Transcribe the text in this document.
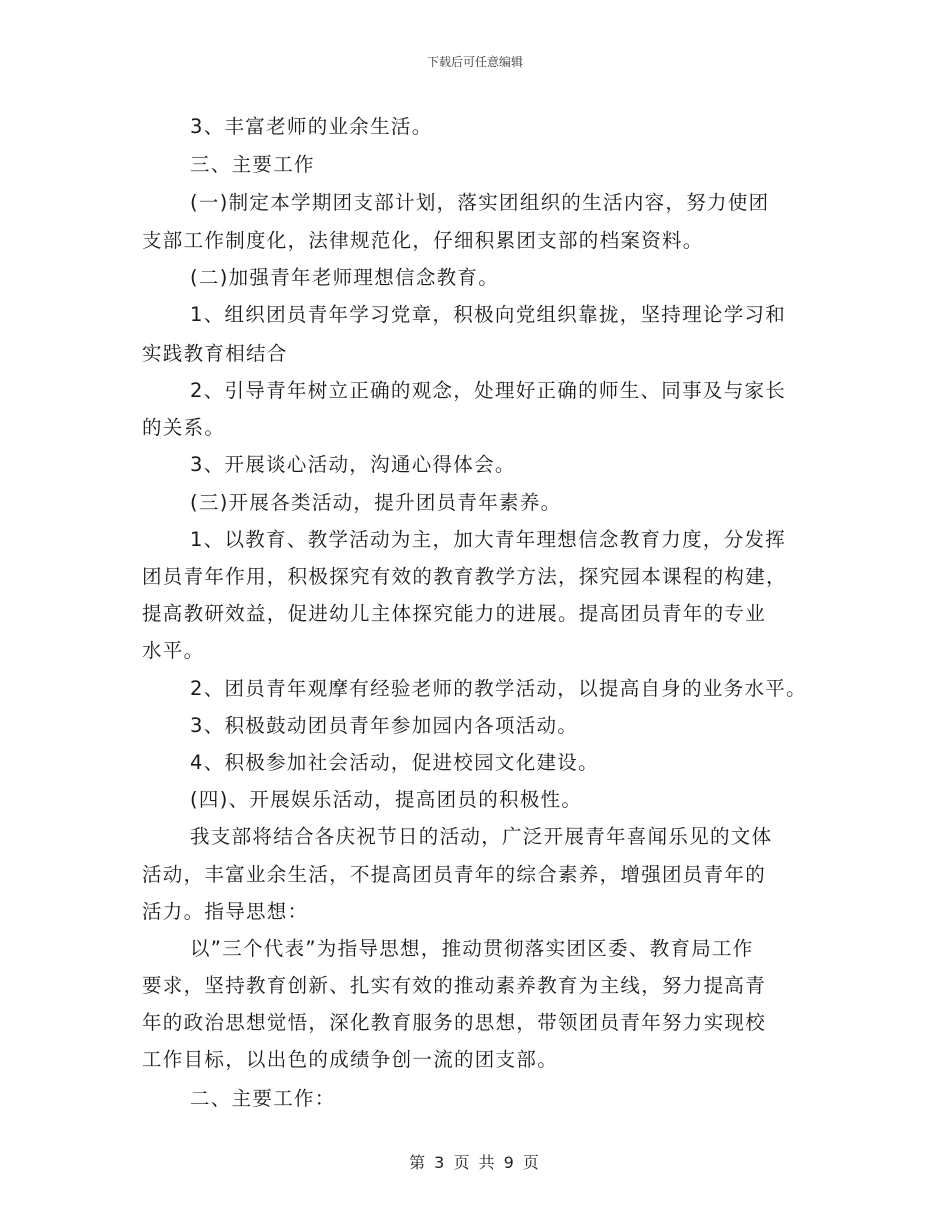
下载后可任意编辑
3、丰富老师的业余生活。
三、主要工作
(一)制定本学期团支部计划，落实团组织的生活内容，努力使团
支部工作制度化，法律规范化，仔细积累团支部的档案资料。
(二)加强青年老师理想信念教育。
1、组织团员青年学习党章，积极向党组织靠拢，坚持理论学习和
实践教育相结合
2、引导青年树立正确的观念，处理好正确的师生、同事及与家长
的关系。
3、开展谈心活动，沟通心得体会。
(三)开展各类活动，提升团员青年素养。
1、以教育、教学活动为主，加大青年理想信念教育力度，分发挥
团员青年作用，积极探究有效的教育教学方法，探究园本课程的构建，
提高教研效益，促进幼儿主体探究能力的进展。提高团员青年的专业
水平。
2、团员青年观摩有经验老师的教学活动，以提高自身的业务水平。
3、积极鼓动团员青年参加园内各项活动。
4、积极参加社会活动，促进校园文化建设。
(四)、开展娱乐活动，提高团员的积极性。
我支部将结合各庆祝节日的活动，广泛开展青年喜闻乐见的文体
活动，丰富业余生活，不提高团员青年的综合素养，增强团员青年的
活力。指导思想：
以”三个代表”为指导思想，推动贯彻落实团区委、教育局工作
要求，坚持教育创新、扎实有效的推动素养教育为主线，努力提高青
年的政治思想觉悟，深化教育服务的思想，带领团员青年努力实现校
工作目标，以出色的成绩争创一流的团支部。
二、主要工作：
第 3 页 共 9 页
